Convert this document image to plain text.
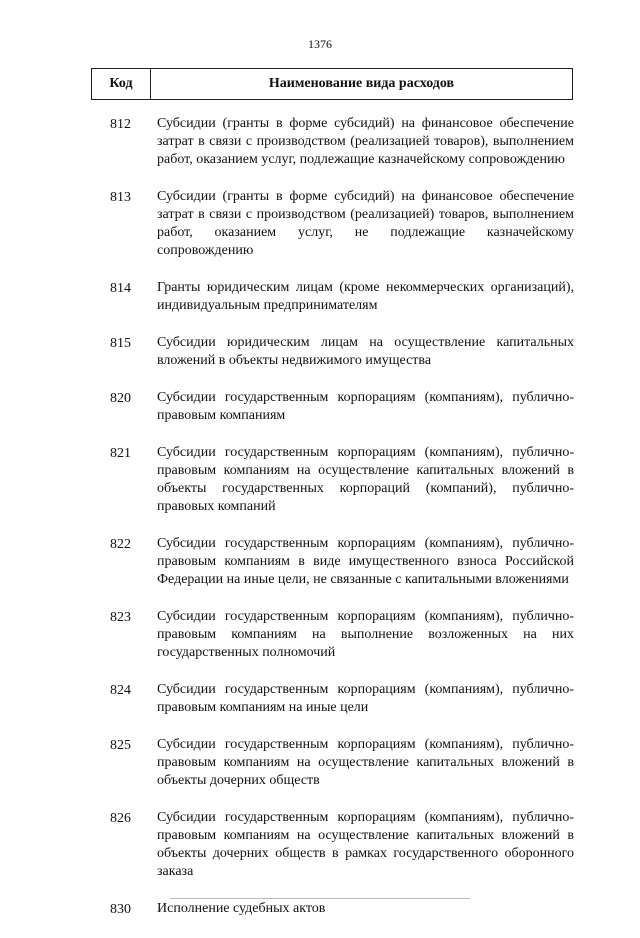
1376
Код	Наименование вида расходов
812	Субсидии (гранты в форме субсидий) на финансовое обеспечение затрат в связи с производством (реализацией товаров), выполнением работ, оказанием услуг, подлежащие казначейскому сопровождению
813	Субсидии (гранты в форме субсидий) на финансовое обеспечение затрат в связи с производством (реализацией) товаров, выполнением работ, оказанием услуг, не подлежащие казначейскому сопровождению
814	Гранты юридическим лицам (кроме некоммерческих организаций), индивидуальным предпринимателям
815	Субсидии юридическим лицам на осуществление капитальных вложений в объекты недвижимого имущества
820	Субсидии государственным корпорациям (компаниям), публично-правовым компаниям
821	Субсидии государственным корпорациям (компаниям), публично-правовым компаниям на осуществление капитальных вложений в объекты государственных корпораций (компаний), публично-правовых компаний
822	Субсидии государственным корпорациям (компаниям), публично-правовым компаниям в виде имущественного взноса Российской Федерации на иные цели, не связанные с капитальными вложениями
823	Субсидии государственным корпорациям (компаниям), публично-правовым компаниям на выполнение возложенных на них государственных полномочий
824	Субсидии государственным корпорациям (компаниям), публично-правовым компаниям на иные цели
825	Субсидии государственным корпорациям (компаниям), публично-правовым компаниям на осуществление капитальных вложений в объекты дочерних обществ
826	Субсидии государственным корпорациям (компаниям), публично-правовым компаниям на осуществление капитальных вложений в объекты дочерних обществ в рамках государственного оборонного заказа
830	Исполнение судебных актов
